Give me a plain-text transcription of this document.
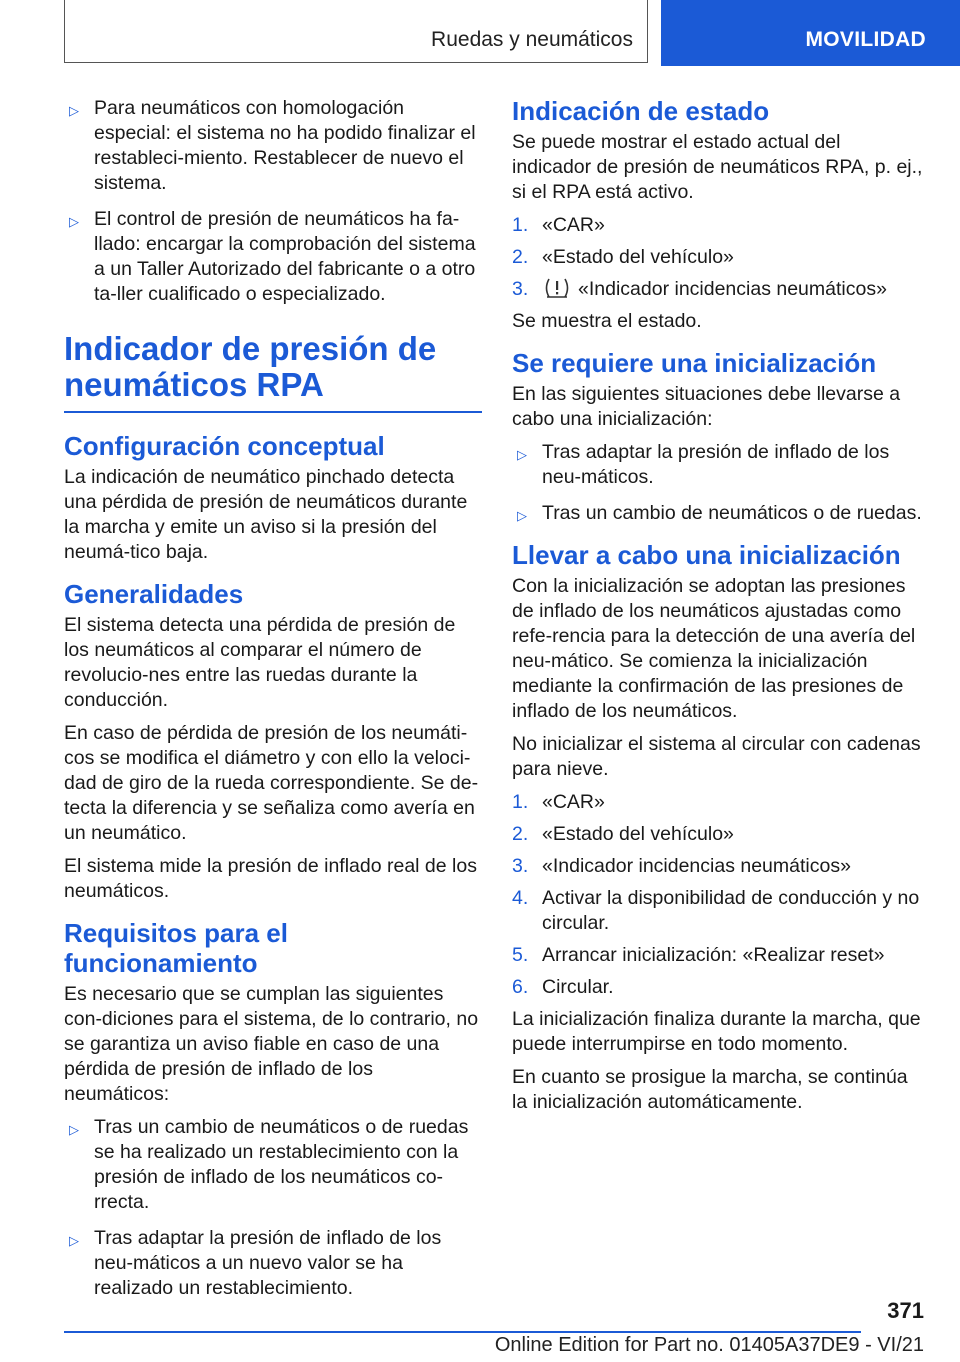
Ruedas y neumáticos	MOVILIDAD
▷ Para neumáticos con homologación especial: el sistema no ha podido finalizar el restableci‐miento. Restablecer de nuevo el sistema.
▷ El control de presión de neumáticos ha fa‐llado: encargar la comprobación del sistema a un Taller Autorizado del fabricante o a otro ta‐ller cualificado o especializado.
Indicador de presión de neumáticos RPA
Configuración conceptual

La indicación de neumático pinchado detecta una pérdida de presión de neumáticos durante la marcha y emite un aviso si la presión del neumá‐tico baja.

Generalidades

El sistema detecta una pérdida de presión de los neumáticos al comparar el número de revolucio‐nes entre las ruedas durante la conducción.

En caso de pérdida de presión de los neumáti‐cos se modifica el diámetro y con ello la veloci‐dad de giro de la rueda correspondiente. Se de‐tecta la diferencia y se señaliza como avería en un neumático.

El sistema mide la presión de inflado real de los neumáticos.

Requisitos para el funcionamiento

Es necesario que se cumplan las siguientes con‐diciones para el sistema, de lo contrario, no se garantiza un aviso fiable en caso de una pérdida de presión de inflado de los neumáticos:

▷ Tras un cambio de neumáticos o de ruedas se ha realizado un restablecimiento con la presión de inflado de los neumáticos co‐rrecta.
▷ Tras adaptar la presión de inflado de los neu‐máticos a un nuevo valor se ha realizado un restablecimiento.
Indicación de estado

Se puede mostrar el estado actual del indicador de presión de neumáticos RPA, p. ej., si el RPA está activo.

1. «CAR»
2. «Estado del vehículo»
3.	«Indicador incidencias neumáticos»

Se muestra el estado.

Se requiere una inicialización

En las siguientes situaciones debe llevarse a cabo una inicialización:

▷ Tras adaptar la presión de inflado de los neu‐máticos.
▷ Tras un cambio de neumáticos o de ruedas.
Llevar a cabo una inicialización

Con la inicialización se adoptan las presiones de inflado de los neumáticos ajustadas como refe‐rencia para la detección de una avería del neu‐mático. Se comienza la inicialización mediante la confirmación de las presiones de inflado de los neumáticos.

No inicializar el sistema al circular con cadenas para nieve.

1. «CAR»
2. «Estado del vehículo»
3. «Indicador incidencias neumáticos»
4. Activar la disponibilidad de conducción y no circular.
5. Arrancar inicialización: «Realizar reset»
6. Circular.

La inicialización finaliza durante la marcha, que puede interrumpirse en todo momento.

En cuanto se prosigue la marcha, se continúa la inicialización automáticamente.

371
Online Edition for Part no. 01405A37DE9 - VI/21
